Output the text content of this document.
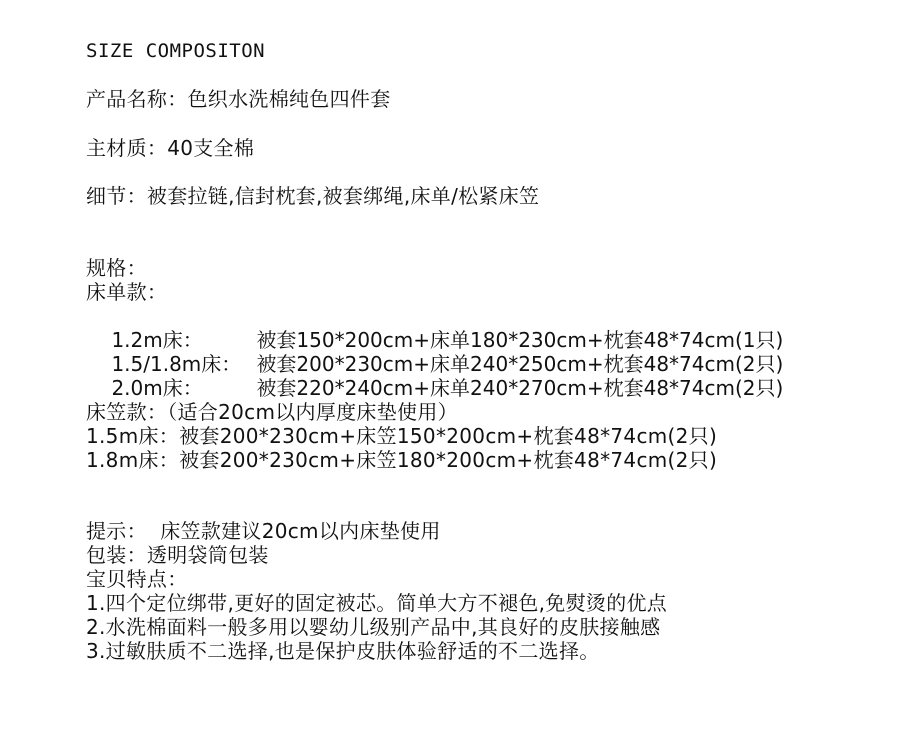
SIZE COMPOSITON
产品名称：色织水洗棉纯色四件套
主材质：40支全棉
细节：被套拉链,信封枕套,被套绑绳,床单/松紧床笠
规格：
床单款：

1.2m床：	被套150*200cm+床单180*230cm+枕套48*74cm(1只)

1.5/1.8m床： 被套200*230cm+床单240*250cm+枕套48*74cm(2只)

2.0m床：	被套220*240cm+床单240*270cm+枕套48*74cm(2只)

床笠款：（适合20cm以内厚度床垫使用）
1.5m床：被套200*230cm+床笠150*200cm+枕套48*74cm(2只)
1.8m床：被套200*230cm+床笠180*200cm+枕套48*74cm(2只)
提示：  床笠款建议20cm以内床垫使用
包装：透明袋筒包装
宝贝特点：
1.四个定位绑带,更好的固定被芯。简单大方不褪色,免熨烫的优点
2.水洗棉面料一般多用以婴幼儿级别产品中,其良好的皮肤接触感
3.过敏肤质不二选择,也是保护皮肤体验舒适的不二选择。
